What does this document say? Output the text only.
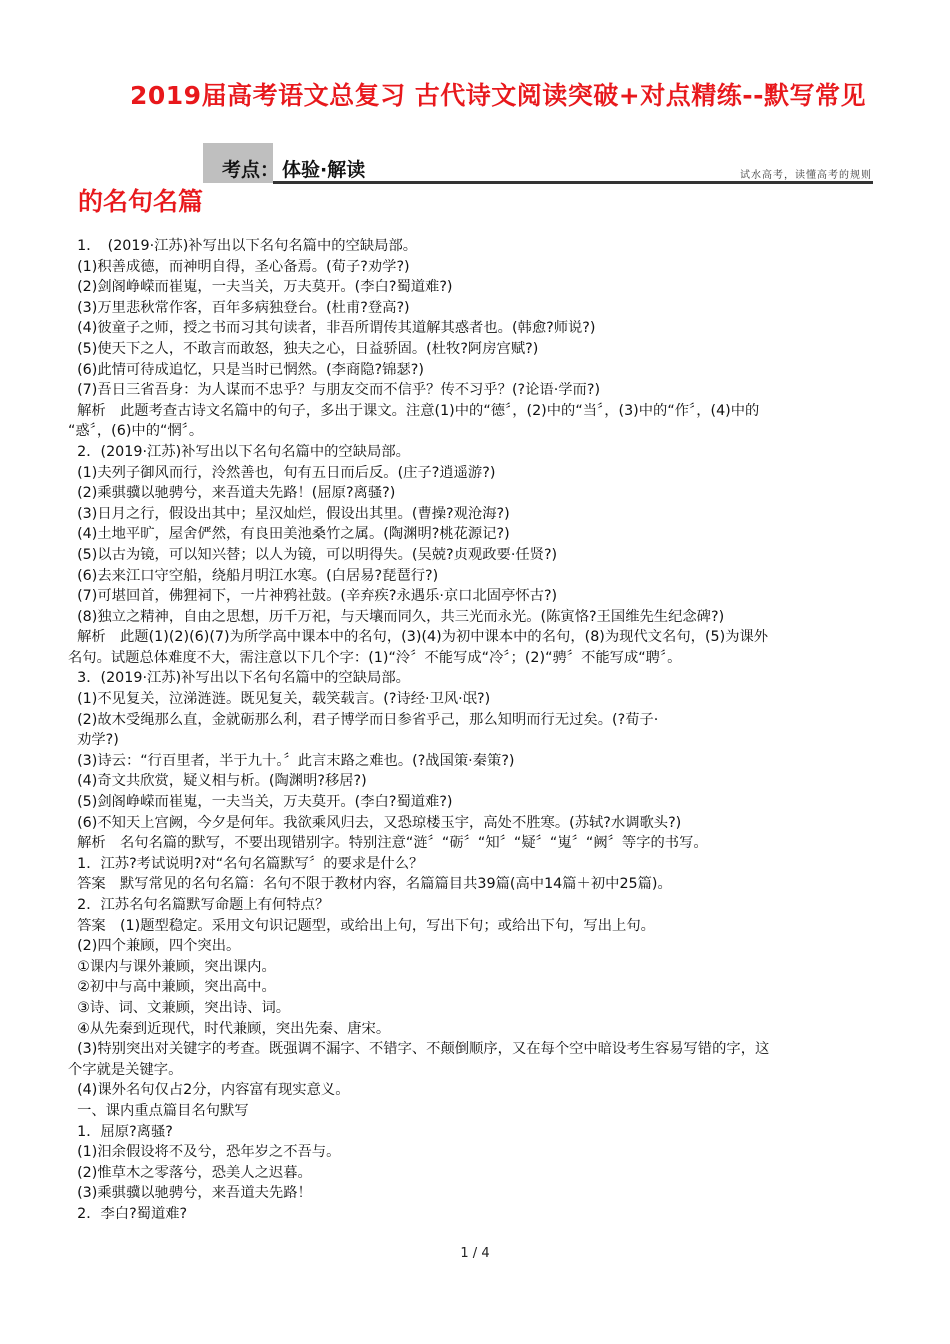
2019届高考语文总复习 古代诗文阅读突破+对点精练--默写常见
的名句名篇
考点： 体验·解读	试水高考，读懂高考的规则
1．　(2019·江苏)补写出以下名句名篇中的空缺局部。
(1)积善成德，而神明自得，圣心备焉。(荀子?劝学?)
(2)剑阁峥嵘而崔嵬，一夫当关，万夫莫开。(李白?蜀道难?)
(3)万里悲秋常作客，百年多病独登台。(杜甫?登高?)
(4)彼童子之师，授之书而习其句读者，非吾所谓传其道解其惑者也。(韩愈?师说?)
(5)使天下之人，不敢言而敢怒，独夫之心，日益骄固。(杜牧?阿房宫赋?)
(6)此情可待成追忆，只是当时已惘然。(李商隐?锦瑟?)
(7)吾日三省吾身：为人谋而不忠乎？与朋友交而不信乎？传不习乎？(?论语·学而?)
解析　此题考查古诗文名篇中的句子，多出于课文。注意(1)中的“德〞，(2)中的“当〞，(3)中的“作〞，(4)中的
“惑〞，(6)中的“惘〞。
2．(2019·江苏)补写出以下名句名篇中的空缺局部。
(1)夫列子御风而行，泠然善也，旬有五日而后反。(庄子?逍遥游?)
(2)乘骐骥以驰骋兮，来吾道夫先路！(屈原?离骚?)
(3)日月之行，假设出其中；星汉灿烂，假设出其里。(曹操?观沧海?)
(4)土地平旷，屋舍俨然，有良田美池桑竹之属。(陶渊明?桃花源记?)
(5)以古为镜，可以知兴替；以人为镜，可以明得失。(吴兢?贞观政要·任贤?)
(6)去来江口守空船，绕船月明江水寒。(白居易?琵琶行?)
(7)可堪回首，佛狸祠下，一片神鸦社鼓。(辛弃疾?永遇乐·京口北固亭怀古?)
(8)独立之精神，自由之思想，历千万祀，与天壤而同久，共三光而永光。(陈寅恪?王国维先生纪念碑?)
解析　此题(1)(2)(6)(7)为所学高中课本中的名句，(3)(4)为初中课本中的名句，(8)为现代文名句，(5)为课外
名句。试题总体难度不大，需注意以下几个字：(1)“泠〞不能写成“冷〞；(2)“骋〞不能写成“聘〞。
3．(2019·江苏)补写出以下名句名篇中的空缺局部。
(1)不见复关，泣涕涟涟。既见复关，载笑载言。(?诗经·卫风·氓?)
(2)故木受绳那么直，金就砺那么利，君子博学而日参省乎己，那么知明而行无过矣。(?荀子·
劝学?)
(3)诗云：“行百里者，半于九十。〞此言末路之难也。(?战国策·秦策?)
(4)奇文共欣赏，疑义相与析。(陶渊明?移居?)
(5)剑阁峥嵘而崔嵬，一夫当关，万夫莫开。(李白?蜀道难?)
(6)不知天上宫阙，今夕是何年。我欲乘风归去，又恐琼楼玉宇，高处不胜寒。(苏轼?水调歌头?)
解析　名句名篇的默写，不要出现错别字。特别注意“涟〞“砺〞“知〞“疑〞“嵬〞“阙〞等字的书写。
1．江苏?考试说明?对“名句名篇默写〞的要求是什么？
答案　默写常见的名句名篇：名句不限于教材内容，名篇篇目共39篇(高中14篇＋初中25篇)。
2．江苏名句名篇默写命题上有何特点？
答案　(1)题型稳定。采用文句识记题型，或给出上句，写出下句；或给出下句，写出上句。
(2)四个兼顾，四个突出。
①课内与课外兼顾，突出课内。
②初中与高中兼顾，突出高中。
③诗、词、文兼顾，突出诗、词。
④从先秦到近现代，时代兼顾，突出先秦、唐宋。
(3)特别突出对关键字的考查。既强调不漏字、不错字、不颠倒顺序，又在每个空中暗设考生容易写错的字，这
个字就是关键字。
(4)课外名句仅占2分，内容富有现实意义。
一、课内重点篇目名句默写
1．屈原?离骚?
(1)汨余假设将不及兮，恐年岁之不吾与。
(2)惟草木之零落兮，恐美人之迟暮。
(3)乘骐骥以驰骋兮，来吾道夫先路！
2．李白?蜀道难?
1 / 4
